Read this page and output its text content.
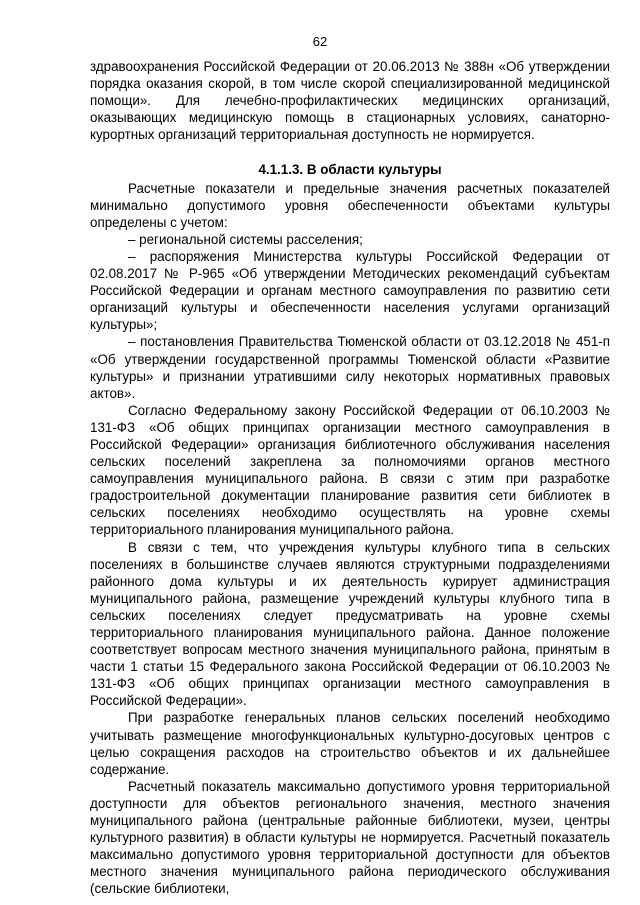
62

здравоохранения Российской Федерации от 20.06.2013 № 388н «Об утверждении порядка оказания скорой, в том числе скорой специализированной медицинской помощи». Для лечебно-профилактических медицинских организаций, оказывающих медицинскую помощь в стационарных условиях, санаторно-курортных организаций территориальная доступность не нормируется.

4.1.1.3. В области культуры

Расчетные показатели и предельные значения расчетных показателей минимально допустимого уровня обеспеченности объектами культуры определены с учетом:

– региональной системы расселения;

– распоряжения Министерства культуры Российской Федерации от 02.08.2017 № Р-965 «Об утверждении Методических рекомендаций субъектам Российской Федерации и органам местного самоуправления по развитию сети организаций культуры и обеспеченности населения услугами организаций культуры»;

– постановления Правительства Тюменской области от 03.12.2018 № 451-п «Об утверждении государственной программы Тюменской области «Развитие культуры» и признании утратившими силу некоторых нормативных правовых актов».

Согласно Федеральному закону Российской Федерации от 06.10.2003 № 131-ФЗ «Об общих принципах организации местного самоуправления в Российской Федерации» организация библиотечного обслуживания населения сельских поселений закреплена за полномочиями органов местного самоуправления муниципального района. В связи с этим при разработке градостроительной документации планирование развития сети библиотек в сельских поселениях необходимо осуществлять на уровне схемы территориального планирования муниципального района.

В связи с тем, что учреждения культуры клубного типа в сельских поселениях в большинстве случаев являются структурными подразделениями районного дома культуры и их деятельность курирует администрация муниципального района, размещение учреждений культуры клубного типа в сельских поселениях следует предусматривать на уровне схемы территориального планирования муниципального района. Данное положение соответствует вопросам местного значения муниципального района, принятым в части 1 статьи 15 Федерального закона Российской Федерации от 06.10.2003 № 131-ФЗ «Об общих принципах организации местного самоуправления в Российской Федерации».

При разработке генеральных планов сельских поселений необходимо учитывать размещение многофункциональных культурно-досуговых центров с целью сокращения расходов на строительство объектов и их дальнейшее содержание.

Расчетный показатель максимально допустимого уровня территориальной доступности для объектов регионального значения, местного значения муниципального района (центральные районные библиотеки, музеи, центры культурного развития) в области культуры не нормируется. Расчетный показатель максимально допустимого уровня территориальной доступности для объектов местного значения муниципального района периодического обслуживания (сельские библиотеки,
